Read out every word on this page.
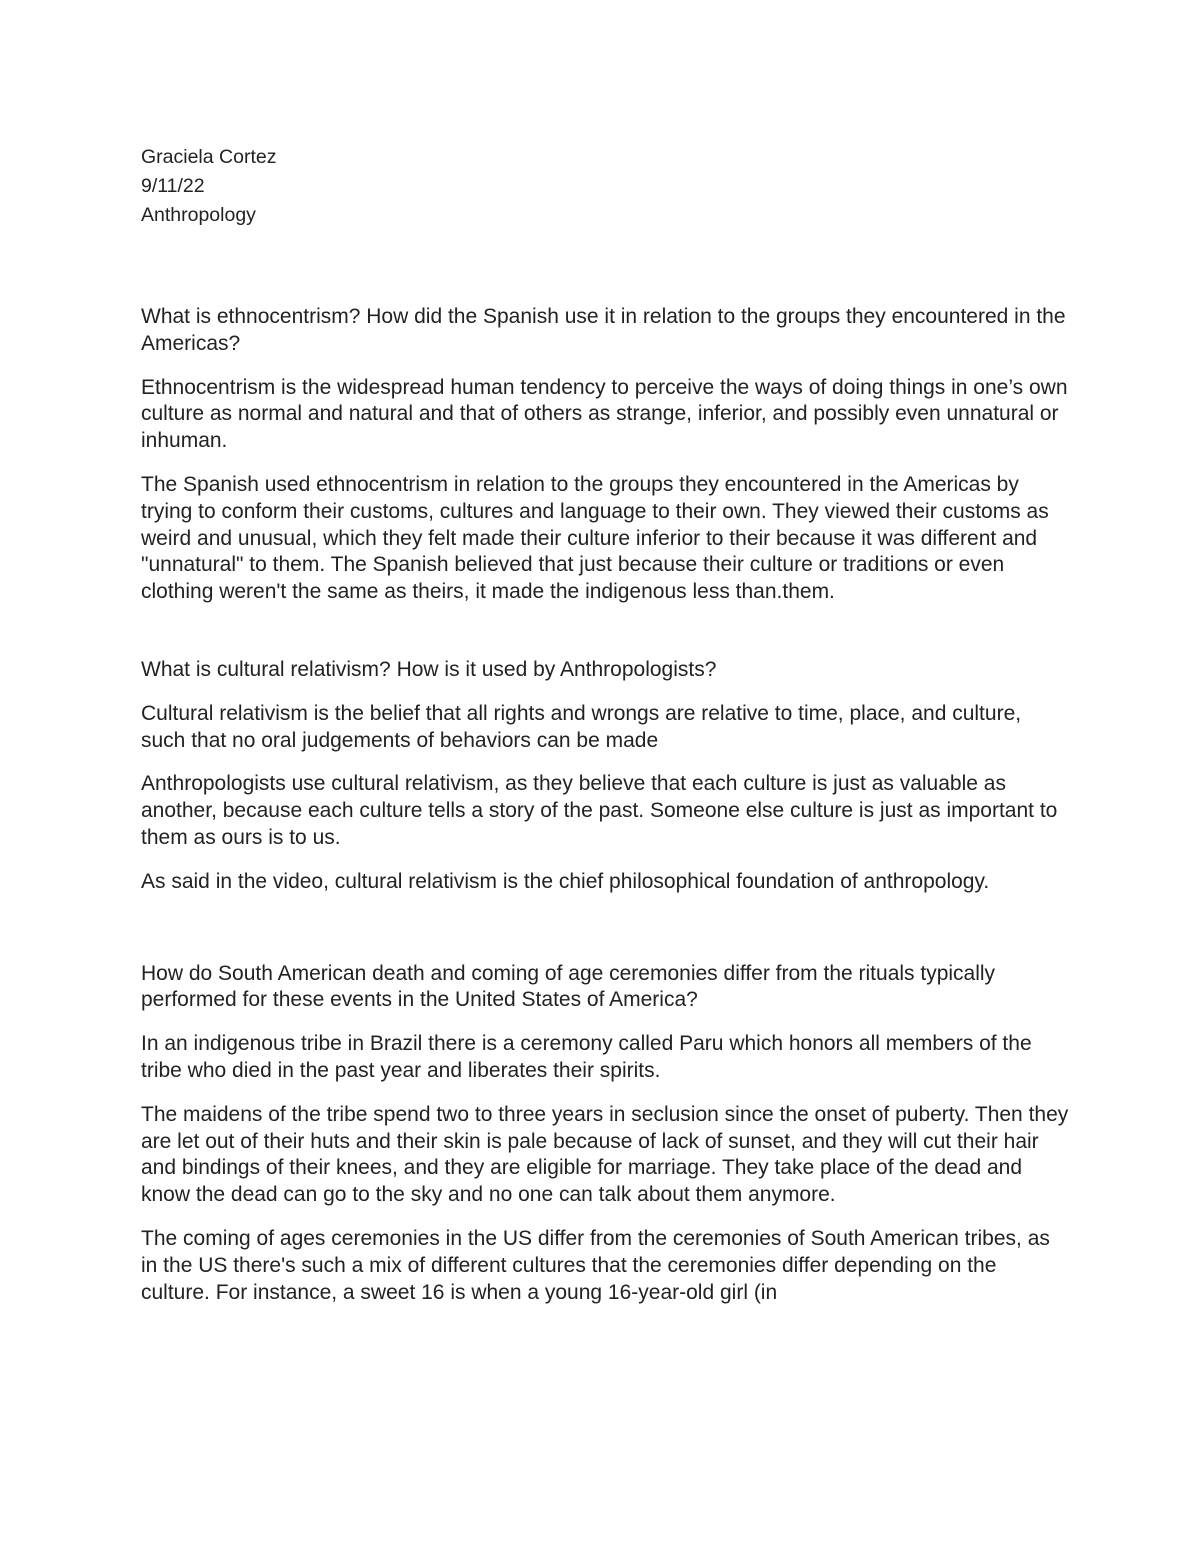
Graciela Cortez
9/11/22
Anthropology

What is ethnocentrism? How did the Spanish use it in relation to the groups they encountered in the Americas?

Ethnocentrism is the widespread human tendency to perceive the ways of doing things in one’s own culture as normal and natural and that of others as strange, inferior, and possibly even unnatural or inhuman.

The Spanish used ethnocentrism in relation to the groups they encountered in the Americas by trying to conform their customs, cultures and language to their own. They viewed their customs as weird and unusual, which they felt made their culture inferior to their because it was different and "unnatural" to them. The Spanish believed that just because their culture or traditions or even clothing weren't the same as theirs, it made the indigenous less than.them.

What is cultural relativism? How is it used by Anthropologists?

Cultural relativism is the belief that all rights and wrongs are relative to time, place, and culture, such that no oral judgements of behaviors can be made

Anthropologists use cultural relativism, as they believe that each culture is just as valuable as another, because each culture tells a story of the past. Someone else culture is just as important to them as ours is to us.

As said in the video, cultural relativism is the chief philosophical foundation of anthropology.

How do South American death and coming of age ceremonies differ from the rituals typically performed for these events in the United States of America?

In an indigenous tribe in Brazil there is a ceremony called Paru which honors all members of the tribe who died in the past year and liberates their spirits.

The maidens of the tribe spend two to three years in seclusion since the onset of puberty. Then they are let out of their huts and their skin is pale because of lack of sunset, and they will cut their hair and bindings of their knees, and they are eligible for marriage. They take place of the dead and know the dead can go to the sky and no one can talk about them anymore.

The coming of ages ceremonies in the US differ from the ceremonies of South American tribes, as in the US there's such a mix of different cultures that the ceremonies differ depending on the culture. For instance, a sweet 16 is when a young 16-year-old girl (in
